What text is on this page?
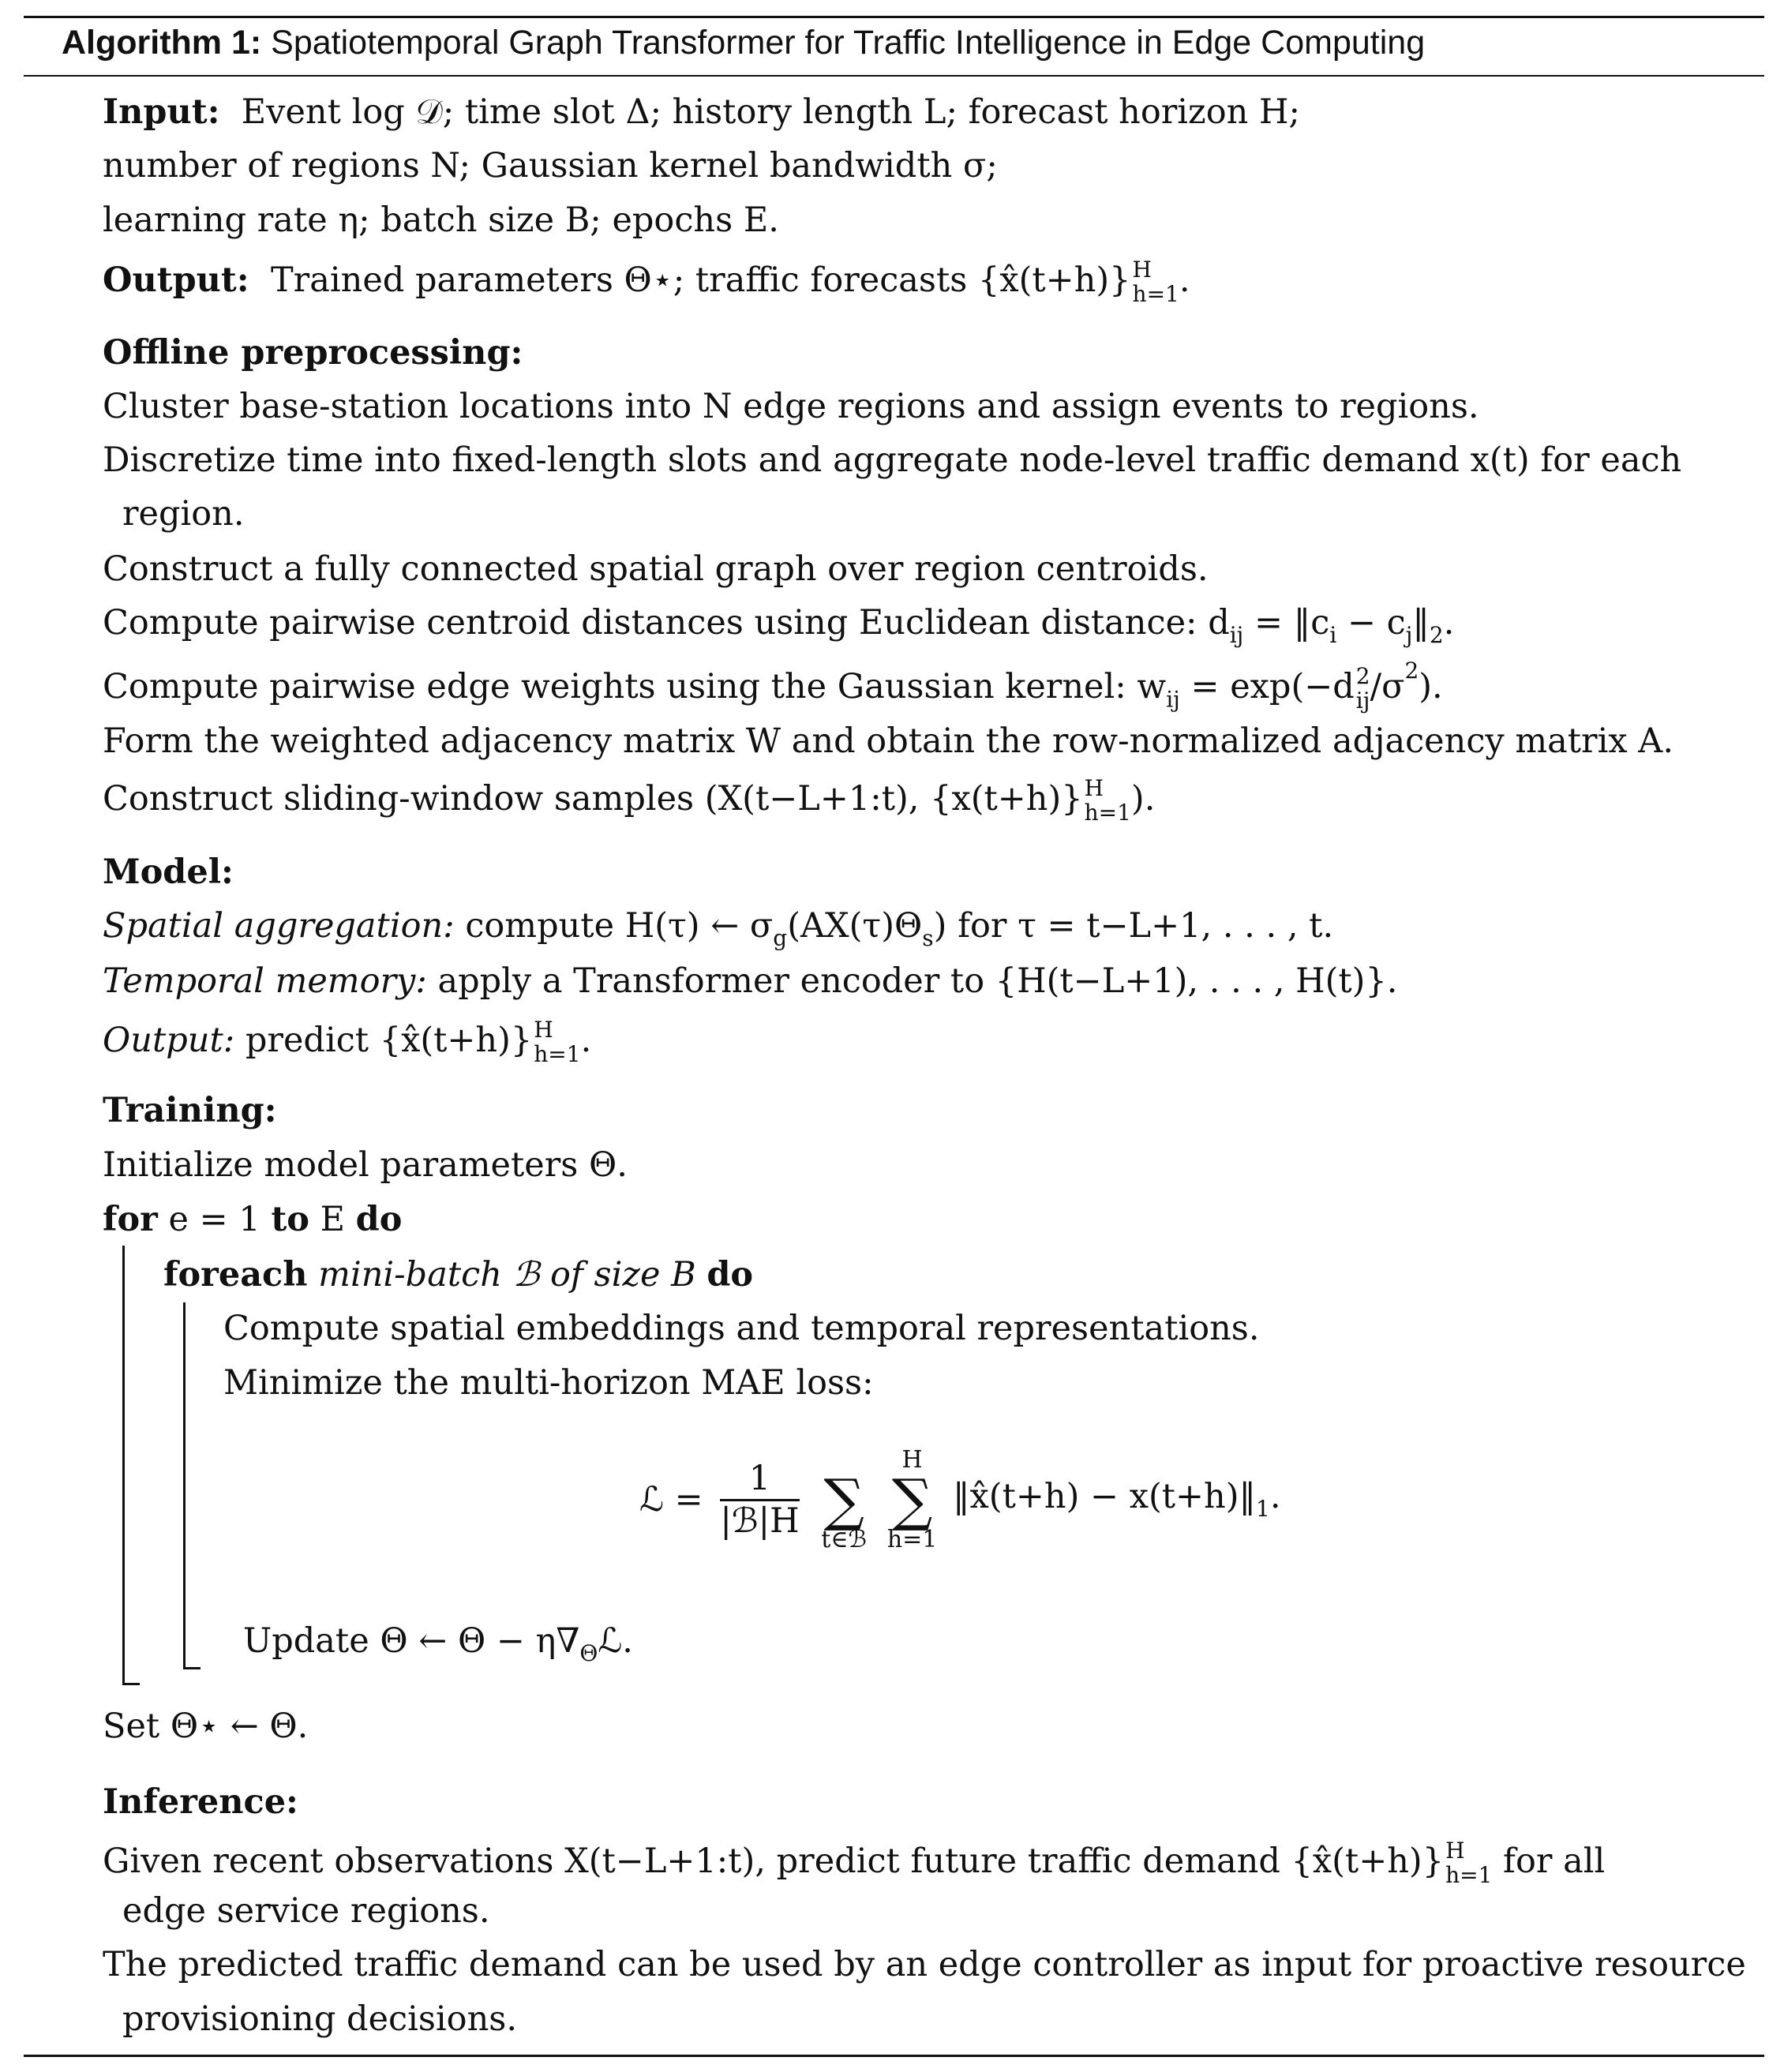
Algorithm 1: Spatiotemporal Graph Transformer for Traffic Intelligence in Edge Computing
Input: Event log 𝒟; time slot Δ; history length L; forecast horizon H;
number of regions N; Gaussian kernel bandwidth σ;
learning rate η; batch size B; epochs E.
Output: Trained parameters Θ⋆; traffic forecasts {x̂(t+h)} H
h=1 .
Offline preprocessing:
Cluster base-station locations into N edge regions and assign events to regions.
Discretize time into fixed-length slots and aggregate node-level traffic demand x(t) for each
region.
Construct a fully connected spatial graph over region centroids.
Compute pairwise centroid distances using Euclidean distance: $d_{ij}$ = $‖c_i$ − $c_j‖_2$.
Compute pairwise edge weights using the Gaussian kernel: $w_{ij} = \exp(-d$ 2
ij $/\sigma^2$).
Form the weighted adjacency matrix W and obtain the row-normalized adjacency matrix A.
Construct sliding-window samples (X(t−L+1:t), {x(t+h)} H
h=1 ).
Model:
Spatial aggregation: compute H(τ) ← $\sigma_g(AX(\tau)\Theta_s)$ for τ = t−L+1, . . . , t.
Temporal memory: apply a Transformer encoder to {H(t−L+1), . . . , H(t)}.
Output: predict {x̂(t+h)} H
h=1 .
Training:
Initialize model parameters Θ.
for e = 1 to E do
foreach mini-batch ℬ of size B do
Compute spatial embeddings and temporal representations.
Minimize the multi-horizon MAE loss:
ℒ = $\frac{1}{\text{|ℬ|H}}$

∑
t∈ℬ

H
∑
h=1
‖x̂(t+h) − $x(t+h)‖_1$.
Update Θ ← $\Theta - \eta\nabla_\Theta ℒ$.
Set Θ⋆ ← Θ.
Inference:
Given recent observations X(t−L+1:t), predict future traffic demand {x̂(t+h)} H
h=1 for all
edge service regions.
The predicted traffic demand can be used by an edge controller as input for proactive resource
provisioning decisions.
